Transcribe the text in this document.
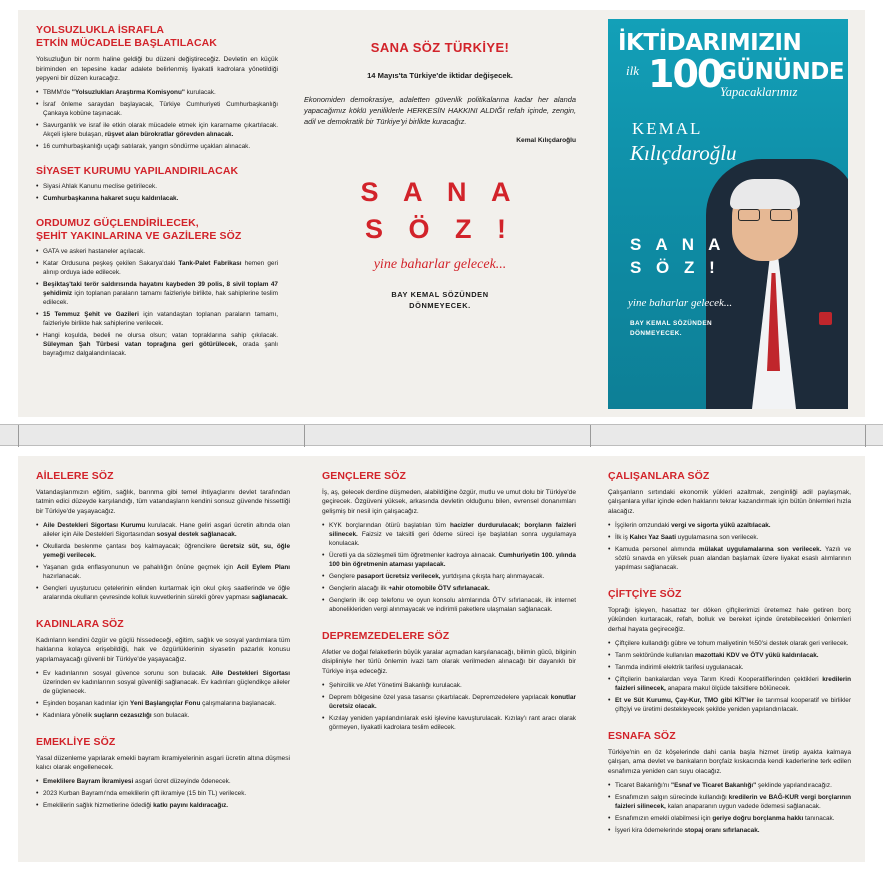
YOLSUZLUKLA İSRAFLA
ETKİN MÜCADELE BAŞLATILACAK
Yolsuzluğun bir norm haline geldiği bu düzeni değiştireceğiz. Devletin en küçük biriminden en tepesine kadar adalete belirlenmiş liyakatli kadrolara yönetildiği yepyeni bir düzen kuracağız.
• TBMM'de "Yolsuzlukları Araştırma Komisyonu" kurulacak.
• İsraf önleme saraydan başlayacak, Türkiye Cumhuriyeti Cumhurbaşkanlığı Çankaya kobüne taşınacak.
• Savurganlık ve israf ile etkin olarak mücadele etmek için kararname çıkartılacak. Akçeli işlere bulaşan, rüşvet alan bürokratlar görevden alınacak.
• 16 cumhurbaşkanlığı uçağı satılarak, yangın söndürme uçakları alınacak.
SİYASET KURUMU YAPILANDIRILACAK
• Siyasi Ahlak Kanunu meclise getirilecek.
• Cumhurbaşkanına hakaret suçu kaldırılacak.
ORDUMUZ GÜÇLENDİRİLECEK,
ŞEHİT YAKINLARINA VE GAZİLERE SÖZ
• GATA ve askeri hastaneler açılacak.
• Katar Ordusuna peşkeş çekilen Sakarya'daki Tank-Palet Fabrikası hemen geri alınıp orduya iade edilecek.
• Beşiktaş'taki terör saldırısında hayatını kaybeden 39 polis, 8 sivil toplam 47 şehidimiz için toplanan paraların tamamı faizleriyle birlikte, hak sahiplerine teslim edilecek.
• 15 Temmuz Şehit ve Gazileri için vatandaştan toplanan paraların tamamı, faizleriyle birlikte hak sahiplerine verilecek.
• Hangi koşulda, bedeli ne olursa olsun; vatan topraklarına sahip çıkılacak. Süleyman Şah Türbesi vatan toprağına geri götürülecek, orada şanlı bayrağımız dalgalandırılacak.
SANA SÖZ TÜRKİYE!
14 Mayıs'ta Türkiye'de iktidar değişecek.
Ekonomiden demokrasiye, adaletten güvenlik politikalarına kadar her alanda yapacağımız köklü yeniliklerle HERKESİN HAKKINI ALDIĞI refah içinde, zengin, adil ve demokratik bir Türkiye'yi birlikte kuracağız.
Kemal Kılıçdaroğlu
S A N A
S Ö Z !
yine baharlar gelecek...
BAY KEMAL SÖZÜNDEN
DÖNMEYECEK.
İKTİDARIMIZIN
ilk 100
GÜNÜNDE
Yapacaklarımız
KEMAL
Kılıçdaroğlu
S A N A
S Ö Z !
yine baharlar gelecek...
BAY KEMAL SÖZÜNDEN
DÖNMEYECEK.
AİLELERE SÖZ
Vatandaşlarımızın eğitim, sağlık, barınma gibi temel ihtiyaçlarını devlet tarafından tatmin edici düzeyde karşılandığı, tüm vatandaşların kendini sonsuz güvende hissettiği bir Türkiye'de yaşayacağız.
• Aile Destekleri Sigortası Kurumu kurulacak. Hane geliri asgari ücretin altında olan aileler için Aile Destekleri Sigortasından sosyal destek sağlanacak.
• Okullarda beslenme çantası boş kalmayacak; öğrencilere ücretsiz süt, su, öğle yemeği verilecek.
• Yaşanan gıda enflasyonunun ve pahalılığın önüne geçmek için Acil Eylem Planı hazırlanacak.
• Gençleri uyuşturucu çetelerinin elinden kurtarmak için okul çıkış saatlerinde ve öğle aralarında okulların çevresinde kolluk kuvvetlerinin sürekli görev yapması sağlanacak.
KADINLARA SÖZ
Kadınların kendini özgür ve güçlü hissedeceği, eğitim, sağlık ve sosyal yardımlara tüm haklarına kolayca erişebildiği, hak ve özgürlüklerinin siyasetin pazarlık konusu yapılamayacağı güvenli bir Türkiye'de yaşayacağız.
• Ev kadınlarının sosyal güvence sorunu son bulacak. Aile Destekleri Sigortası üzerinden ev kadınlarının sosyal güvenliği sağlanacak. Ev kadınları güçlendikçe aileler de güçlenecek.
• Eşinden boşanan kadınlar için Yeni Başlangıçlar Fonu çalışmalarına başlanacak.
• Kadınlara yönelik suçların cezasızlığı son bulacak.
EMEKLİYE SÖZ
Yasal düzenleme yapılarak emekli bayram ikramiyelerinin asgari ücretin altına düşmesi kalıcı olarak engellenecek.
• Emeklilere Bayram İkramiyesi asgari ücret düzeyinde ödenecek.
• 2023 Kurban Bayramı'nda emeklilerin çift ikramiye (15 bin TL) verilecek.
• Emeklilerin sağlık hizmetlerine ödediği katkı payını kaldıracağız.
GENÇLERE SÖZ
İş, aş, gelecek derdine düşmeden, alabildiğine özgür, mutlu ve umut dolu bir Türkiye'de geçirecek. Özgüveni yüksek, arkasında devletin olduğunu bilen, evrensel donanımları gelişmiş bir nesil için çalışacağız.
• KYK borçlarından ötürü başlatılan tüm hacizler durdurulacak; borçların faizleri silinecek. Faizsiz ve taksitli geri ödeme süreci işe başlatılan sonra uygulamaya konulacak.
• Ücretli ya da sözleşmeli tüm öğretmenler kadroya alınacak. Cumhuriyetin 100. yılında 100 bin öğretmenin ataması yapılacak.
• Gençlere pasaport ücretsiz verilecek, yurtdışına çıkışta harç alınmayacak.
• Gençlerin alacağı ilk +ahir otomobile ÖTV sıfırlanacak.
• Gençlerin ilk cep telefonu ve oyun konsolu alımlarında ÖTV sıfırlanacak, ilk internet abonelikleriden vergi alınmayacak ve indirimli paketlere ulaşmaları sağlanacak.
DEPREMZEDELERE SÖZ
Afetler ve doğal felaketlerin büyük yaralar açmadan karşılanacağı, bilimin gücü, bilginin disipliniyle her türlü önlemin ivazi tam olarak verilmeden alınacağı bir dayanıklı bir Türkiye inşa edeceğiz.
• Şehircilik ve Afet Yönetimi Bakanlığı kurulacak.
• Deprem bölgesine özel yasa tasarısı çıkartılacak. Depremzedelere yapılacak konutlar ücretsiz olacak.
• Kızılay yeniden yapılandırılarak eski işlevine kavuşturulacak. Kızılay'ı rant aracı olarak görmeyen, liyakatli kadrolara teslim edilecek.
ÇALIŞANLARA SÖZ
Çalışanların sırtındaki ekonomik yükleri azaltmak, zenginliği adil paylaşmak, çalışanlara yıllar içinde eden haklarını tekrar kazandırmak için bütün önlemleri hızla alacağız.
• İşçilerin omzundaki vergi ve sigorta yükü azaltılacak.
• İlk iş Kalıcı Yaz Saati uygulamasına son verilecek.
• Kamuda personel alımında mülakat uygulamalarına son verilecek. Yazılı ve sözlü sınavda en yüksek puan alandan başlamak üzere liyakat esaslı alımlarının yapılması sağlanacak.
ÇİFTÇİYE SÖZ
Toprağı işleyen, hasattaz ter döken çiftçilerimizi üretemez hale getiren borç yükünden kurtaracak, refah, bolluk ve bereket içinde üretebilecekleri önlemleri derhal hayata geçireceğiz.
• Çiftçilere kullandığı gübre ve tohum maliyetinin %50'si destek olarak geri verilecek.
• Tarım sektöründe kullanılan mazottaki KDV ve ÖTV yükü kaldırılacak.
• Tarımda indirimli elektrik tarifesi uygulanacak.
• Çiftçilerin bankalardan veya Tarım Kredi Kooperatiflerinden çektikleri kredilerin faizleri silinecek, anapara makul ölçüde taksitlere bölünecek.
• Et ve Süt Kurumu, Çay-Kur, TMO gibi KİT'ler ile tarımsal kooperatif ve birlikler çiftçiyi ve üretimi destekleyecek şekilde yeniden yapılandırılacak.
ESNAFA SÖZ
Türkiye'nin en öz köşelerinde dahi canla başla hizmet üretip ayakta kalmaya çalışan, ama devlet ve bankaların borçfaiz kıskacında kendi kaderlerine terk edilen esnafımıza yeniden can suyu olacağız.
• Ticaret Bakanlığı'nı "Esnaf ve Ticaret Bakanlığı" şeklinde yapılandıracağız.
• Esnafımızın salgın sürecinde kullandığı kredilerin ve BAĞ-KUR vergi borçlarının faizleri silinecek, kalan anaparanın uygun vadede ödemesi sağlanacak.
• Esnafımızın emekli olabilmesi için geriye doğru borçlanma hakkı tanınacak.
• İşyeri kira ödemelerinde stopaj oranı sıfırlanacak.
